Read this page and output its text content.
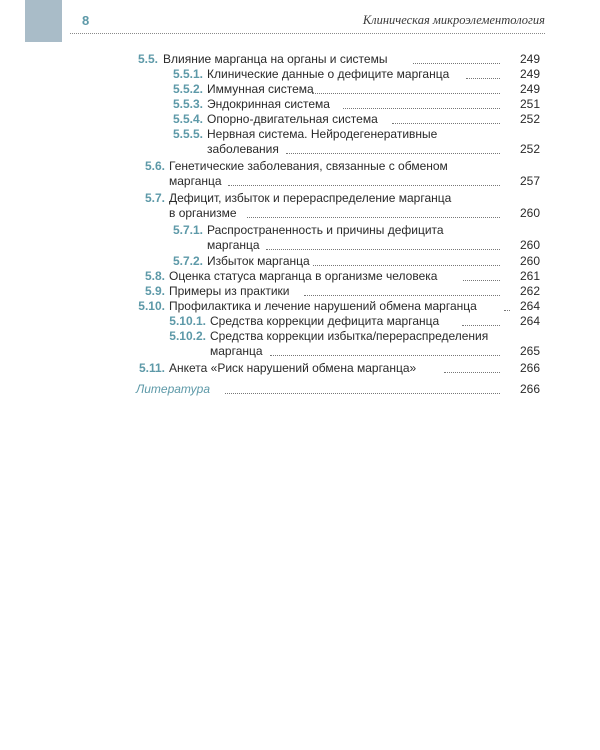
8	Клиническая микроэлементология
5.5. Влияние марганца на органы и системы	249
5.5.1. Клинические данные о дефиците марганца	249
5.5.2. Иммунная система	249
5.5.3. Эндокринная система	251
5.5.4. Опорно-двигательная система	252
5.5.5. Нервная система. Нейродегенеративные
заболевания	252
5.6. Генетические заболевания, связанные с обменом
марганца	257
5.7. Дефицит, избыток и перераспределение марганца
в организме	260
5.7.1. Распространенность и причины дефицита
марганца	260
5.7.2. Избыток марганца	260
5.8. Оценка статуса марганца в организме человека	261
5.9. Примеры из практики	262
5.10. Профилактика и лечение нарушений обмена марганца	264
5.10.1. Средства коррекции дефицита марганца	264
5.10.2. Средства коррекции избытка/перераспределения
марганца	265
5.11. Анкета «Риск нарушений обмена марганца»	266
Литература	266
